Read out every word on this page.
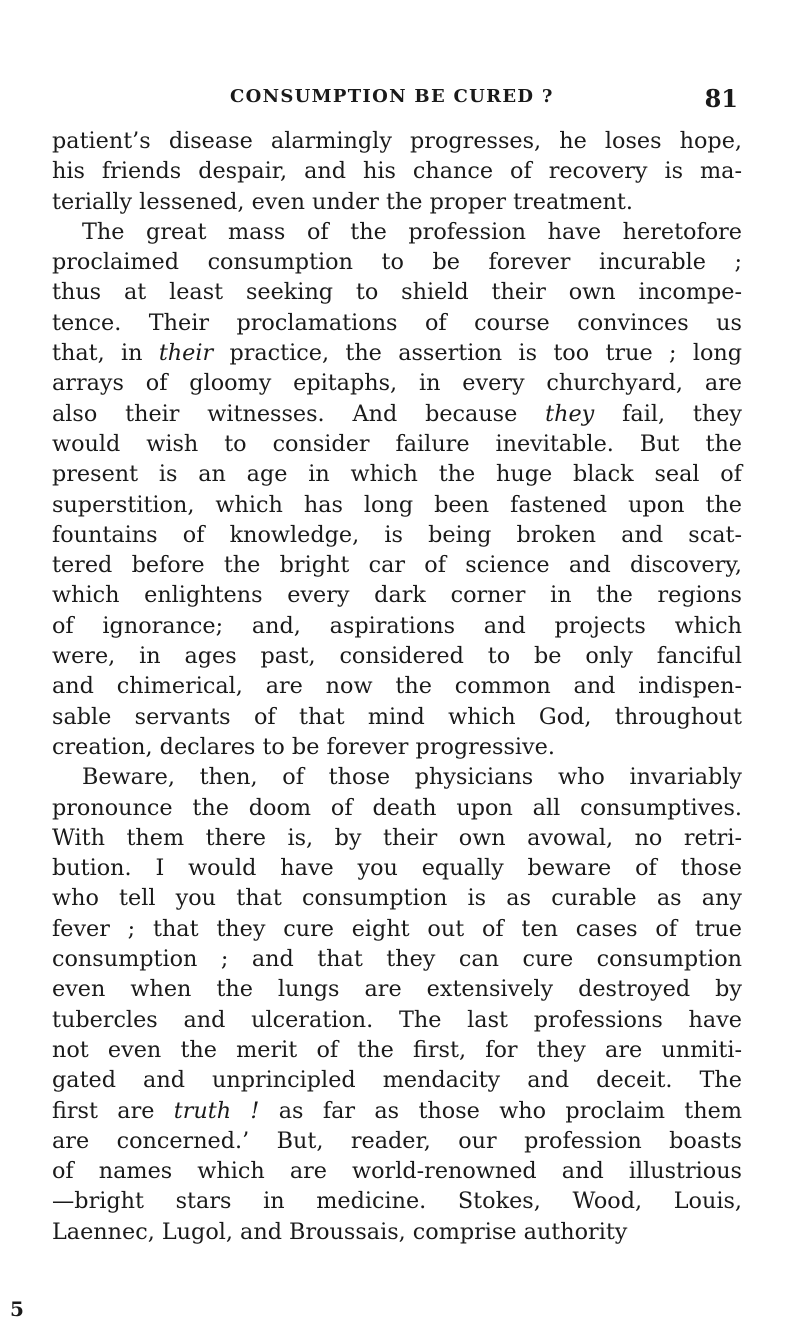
CONSUMPTION BE CURED ?	81

patient’s disease alarmingly progresses, he loses hope,
his friends despair, and his chance of recovery is ma-
terially lessened, even under the proper treatment.

The great mass of the profession have heretofore
proclaimed consumption to be forever incurable ;
thus at least seeking to shield their own incompe-
tence. Their proclamations of course convinces us
that, in their practice, the assertion is too true ; long
arrays of gloomy epitaphs, in every churchyard, are
also their witnesses. And because they fail, they
would wish to consider failure inevitable. But the
present is an age in which the huge black seal of
superstition, which has long been fastened upon the
fountains of knowledge, is being broken and scat-
tered before the bright car of science and discovery,
which enlightens every dark corner in the regions
of ignorance; and, aspirations and projects which
were, in ages past, considered to be only fanciful
and chimerical, are now the common and indispen-
sable servants of that mind which God, throughout
creation, declares to be forever progressive.

Beware, then, of those physicians who invariably
pronounce the doom of death upon all consumptives.
With them there is, by their own avowal, no retri-
bution. I would have you equally beware of those
who tell you that consumption is as curable as any
fever ; that they cure eight out of ten cases of true
consumption ; and that they can cure consumption
even when the lungs are extensively destroyed by
tubercles and ulceration. The last professions have
not even the merit of the first, for they are unmiti-
gated and unprincipled mendacity and deceit. The
first are truth ! as far as those who proclaim them
are concerned.’ But, reader, our profession boasts
of names which are world-renowned and illustrious
—bright stars in medicine. Stokes, Wood, Louis,
Laennec, Lugol, and Broussais, comprise authority

5
